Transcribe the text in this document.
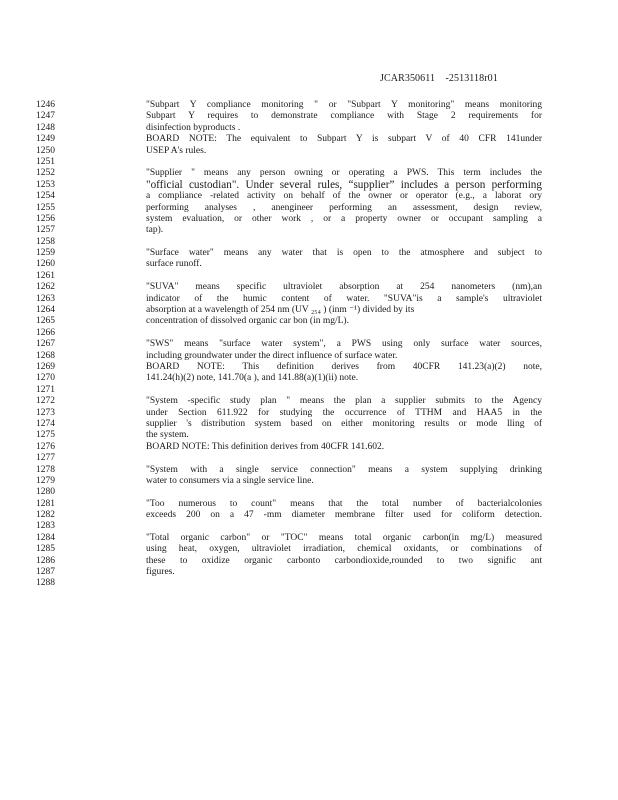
JCAR350611    -2513118r01
1246
1247
1248
1249
1250
1251
1252
1253
1254
1255
1256
1257
1258
1259
1260
1261
1262
1263
1264
1265
1266
1267
1268
1269
1270
1271
1272
1273
1274
1275
1276
1277
1278
1279
1280
1281
1282
1283
1284
1285
1286
1287
1288
"Subpart Y compliance monitoring " or "Subpart Y monitoring" means monitoring
Subpart Y requires to demonstrate compliance with Stage 2 requirements for
disinfection byproducts .
BOARD NOTE: The equivalent to Subpart Y is subpart V of 40 CFR 141under
USEP A's rules.
"Supplier " means any person owning or operating a PWS. This term includes the
"official custodian". Under several rules, “supplier” includes a person performing
a compliance -related activity on behalf of the owner or operator (e.g., a laborat ory
performing analyses , anengineer performing an assessment, design review,
system evaluation, or other work , or a property owner or occupant sampling a
tap).
"Surface water" means any water that is open to the atmosphere and subject to
surface runoff.
"SUVA" means specific ultraviolet absorption at 254 nanometers (nm),an
indicator of the humic content of water. "SUVA"is a sample's ultraviolet
absorption at a wavelength of 254 nm (UV ₂₅₄ ) (inm ⁻¹) divided by its
concentration of dissolved organic car bon (in mg/L).
"SWS" means "surface water system", a PWS using only surface water sources,
including groundwater under the direct influence of surface water.
BOARD NOTE: This definition derives from 40CFR 141.23(a)(2) note,
141.24(h)(2) note, 141.70(a ), and 141.88(a)(1)(ii) note.
"System -specific study plan " means the plan a supplier submits to the Agency
under Section 611.922 for studying the occurrence of TTHM and HAA5 in the
supplier 's distribution system based on either monitoring results or mode lling of
the system.
BOARD NOTE: This definition derives from 40CFR 141.602.
"System with a single service connection" means a system supplying drinking
water to consumers via a single service line.
"Too numerous to count" means that the total number of bacterialcolonies
exceeds 200 on a 47 -mm diameter membrane filter used for coliform detection.
"Total organic carbon" or "TOC" means total organic carbon(in mg/L) measured
using heat, oxygen, ultraviolet irradiation, chemical oxidants, or combinations of
these to oxidize organic carbonto carbondioxide,rounded to two signific ant
figures.
